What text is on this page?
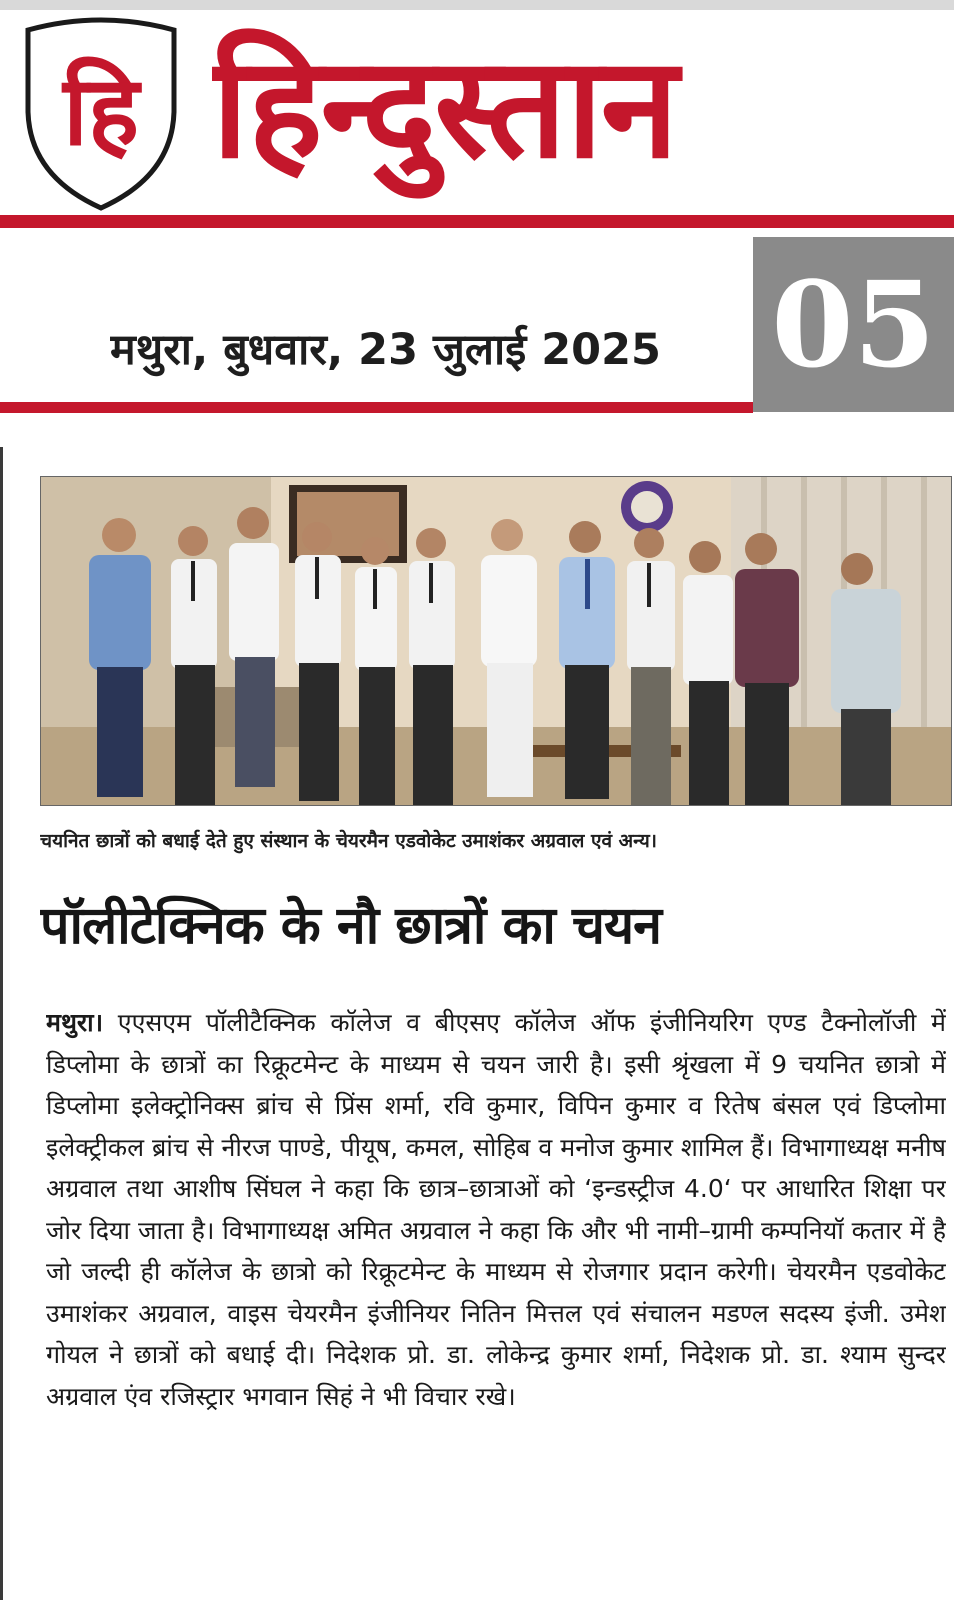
हि हिन्दुस्तान
मथुरा, बुधवार, 23 जुलाई 2025 05
चयनित छात्रों को बधाई देते हुए संस्थान के चेयरमैन एडवोकेट उमाशंकर अग्रवाल एवं अन्य।
पॉलीटेक्निक के नौ छात्रों का चयन
मथुरा। एएसएम पॉलीटैक्निक कॉलेज व बीएसए कॉलेज ऑफ इंजीनियरिग एण्ड टैक्नोलॉजी में डिप्लोमा के छात्रों का रिक्रूटमेन्ट के माध्यम से चयन जारी है। इसी श्रृंखला में 9 चयनित छात्रो में डिप्लोमा इलेक्ट्रोनिक्स ब्रांच से प्रिंस शर्मा, रवि कुमार, विपिन कुमार व रितेष बंसल एवं डिप्लोमा इलेक्ट्रीकल ब्रांच से नीरज पाण्डे, पीयूष, कमल, सोहिब व मनोज कुमार शामिल हैं। विभागाध्यक्ष मनीष अग्रवाल तथा आशीष सिंघल ने कहा कि छात्र–छात्राओं को ‘इन्डस्ट्रीज 4.0‘ पर आधारित शिक्षा पर जोर दिया जाता है। विभागाध्यक्ष अमित अग्रवाल ने कहा कि और भी नामी–ग्रामी कम्पनियॉ कतार में है जो जल्दी ही कॉलेज के छात्रो को रिक्रूटमेन्ट के माध्यम से रोजगार प्रदान करेगी। चेयरमैन एडवोकेट उमाशंकर अग्रवाल, वाइस चेयरमैन इंजीनियर नितिन मित्तल एवं संचालन मडण्ल सदस्य इंजी. उमेश गोयल ने छात्रों को बधाई दी। निदेशक प्रो. डा. लोकेन्द्र कुमार शर्मा, निदेशक प्रो. डा. श्याम सुन्दर अग्रवाल एंव रजिस्ट्रार भगवान सिहं ने भी विचार रखे।
